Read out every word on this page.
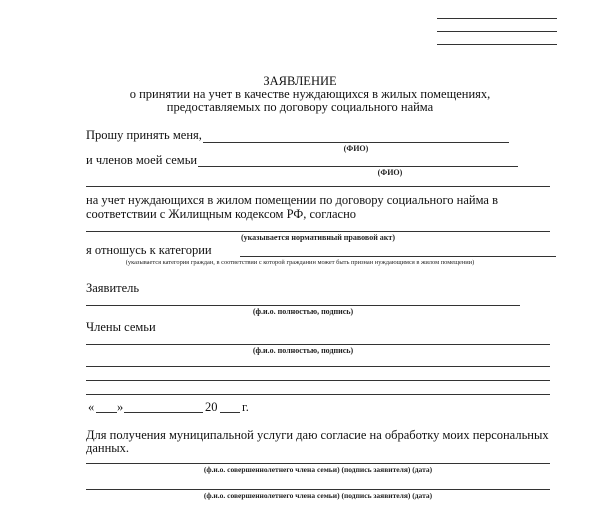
ЗАЯВЛЕНИЕ
о принятии на учет в качестве нуждающихся в жилых помещениях,
предоставляемых по договору социального найма
Прошу принять меня,
(ФИО)
и членов моей семьи
(ФИО)
на учет нуждающихся в жилом помещении по договору социального найма в
соответствии с Жилищным кодексом РФ, согласно
(указывается нормативный правовой акт)
я отношусь к категории
(указывается категория граждан, в соответствии с которой гражданин может быть признан нуждающимся в жилом помещении)
Заявитель
(ф.и.о. полностью, подпись)
Члены семьи
(ф.и.о. полностью, подпись)
« »	20 г.
Для получения муниципальной услуги даю согласие на обработку моих персональных
данных.
(ф.и.о. совершеннолетнего члена семьи) (подпись заявителя) (дата)
(ф.и.о. совершеннолетнего члена семьи) (подпись заявителя) (дата)
